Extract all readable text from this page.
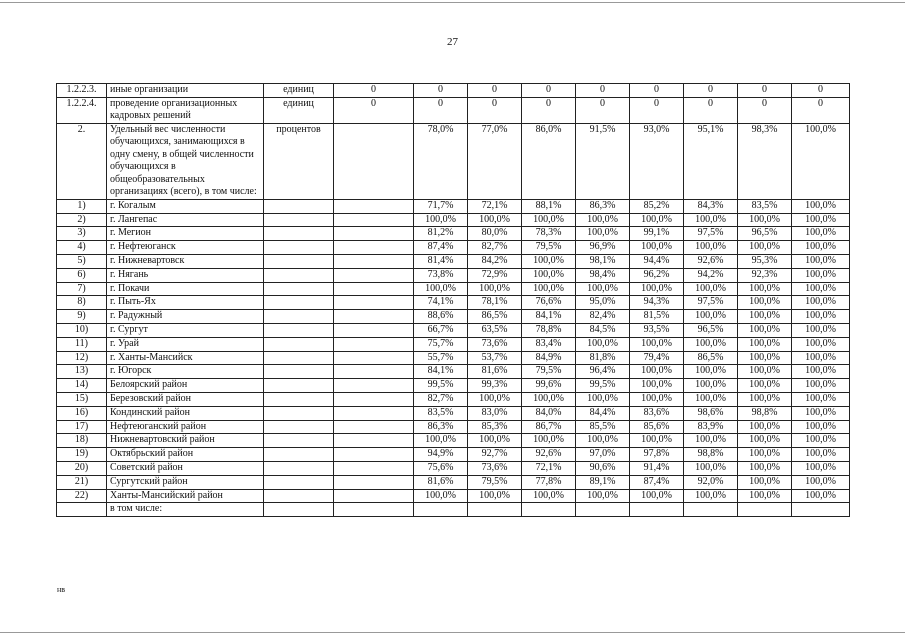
27
1.2.2.3.	иные организации	единиц	0	0	0	0	0	0	0	0	0
1.2.2.4.	проведение организационных кадровых решений	единиц	0	0	0	0	0	0	0	0	0
2.	Удельный вес численности обучающихся, занимающихся в одну смену, в общей численности обучающихся в общеобразовательных организациях (всего), в том числе:	процентов		78,0%	77,0%	86,0%	91,5%	93,0%	95,1%	98,3%	100,0%
1)	г. Когалым			71,7%	72,1%	88,1%	86,3%	85,2%	84,3%	83,5%	100,0%
2)	г. Лангепас			100,0%	100,0%	100,0%	100,0%	100,0%	100,0%	100,0%	100,0%
3)	г. Мегион			81,2%	80,0%	78,3%	100,0%	99,1%	97,5%	96,5%	100,0%
4)	г. Нефтеюганск			87,4%	82,7%	79,5%	96,9%	100,0%	100,0%	100,0%	100,0%
5)	г. Нижневартовск			81,4%	84,2%	100,0%	98,1%	94,4%	92,6%	95,3%	100,0%
6)	г. Нягань			73,8%	72,9%	100,0%	98,4%	96,2%	94,2%	92,3%	100,0%
7)	г. Покачи			100,0%	100,0%	100,0%	100,0%	100,0%	100,0%	100,0%	100,0%
8)	г. Пыть-Ях			74,1%	78,1%	76,6%	95,0%	94,3%	97,5%	100,0%	100,0%
9)	г. Радужный			88,6%	86,5%	84,1%	82,4%	81,5%	100,0%	100,0%	100,0%
10)	г. Сургут			66,7%	63,5%	78,8%	84,5%	93,5%	96,5%	100,0%	100,0%
11)	г. Урай			75,7%	73,6%	83,4%	100,0%	100,0%	100,0%	100,0%	100,0%
12)	г. Ханты-Мансийск			55,7%	53,7%	84,9%	81,8%	79,4%	86,5%	100,0%	100,0%
13)	г. Югорск			84,1%	81,6%	79,5%	96,4%	100,0%	100,0%	100,0%	100,0%
14)	Белоярский район			99,5%	99,3%	99,6%	99,5%	100,0%	100,0%	100,0%	100,0%
15)	Березовский район			82,7%	100,0%	100,0%	100,0%	100,0%	100,0%	100,0%	100,0%
16)	Кондинский район			83,5%	83,0%	84,0%	84,4%	83,6%	98,6%	98,8%	100,0%
17)	Нефтеюганский район			86,3%	85,3%	86,7%	85,5%	85,6%	83,9%	100,0%	100,0%
18)	Нижневартовский район			100,0%	100,0%	100,0%	100,0%	100,0%	100,0%	100,0%	100,0%
19)	Октябрьский район			94,9%	92,7%	92,6%	97,0%	97,8%	98,8%	100,0%	100,0%
20)	Советский район			75,6%	73,6%	72,1%	90,6%	91,4%	100,0%	100,0%	100,0%
21)	Сургутский район			81,6%	79,5%	77,8%	89,1%	87,4%	92,0%	100,0%	100,0%
22)	Ханты-Мансийский район			100,0%	100,0%	100,0%	100,0%	100,0%	100,0%	100,0%	100,0%
	в том числе:										
нв
